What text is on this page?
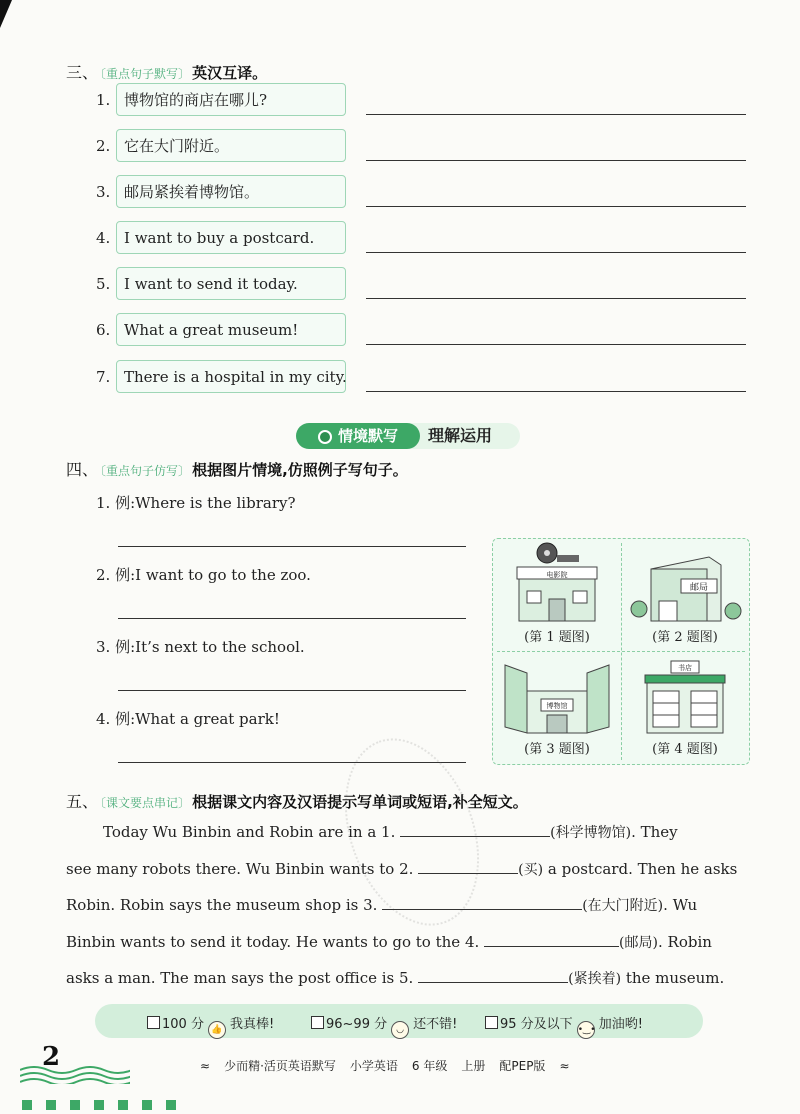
三、 〔重点句子默写〕 英汉互译。
1. 博物馆的商店在哪儿?
2. 它在大门附近。
3. 邮局紧挨着博物馆。
4. I want to buy a postcard.
5. I want to send it today.
6. What a great museum!
7. There is a hospital in my city.
情境默写	理解运用
四、 〔重点句子仿写〕 根据图片情境,仿照例子写句子。
1. 例:Where is the library?
2. 例:I want to go to the zoo.
3. 例:It’s next to the school.
4. 例:What a great park!
电影院
(第 1 题图)
邮局
(第 2 题图)
博物馆
(第 3 题图)
书店
(第 4 题图)
五、 〔课文要点串记〕 根据课文内容及汉语提示写单词或短语,补全短文。

Today Wu Binbin and Robin are in a 1.	(科学博物馆). They

see many robots there. Wu Binbin wants to 2.	(买) a postcard. Then he asks

Robin. Robin says the museum shop is 3.	(在大门附近). Wu

Binbin wants to send it today. He wants to go to the 4.	(邮局). Robin

asks a man. The man says the post office is 5.	(紧挨着) the museum.

100 分 👍 我真棒!	96~99 分 ◡ 还不错!	95 分及以下 •‿• 加油哟!
2	≈ 少而精·活页英语默写 小学英语 6 年级 上册 配PEP版 ≈
